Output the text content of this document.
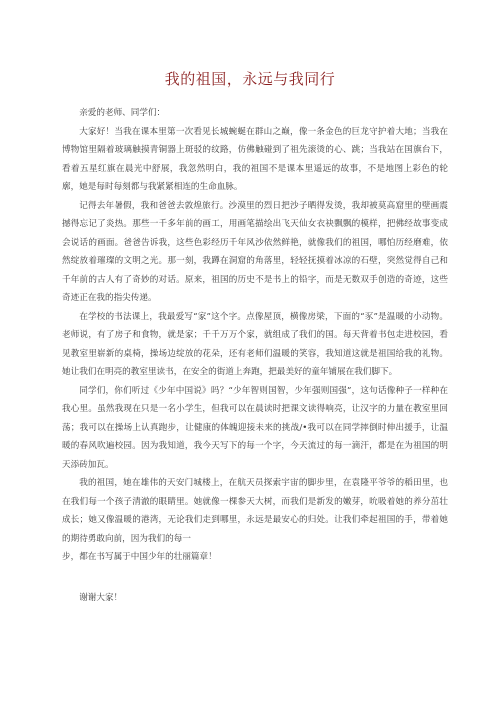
我的祖国，永远与我同行

亲爱的老师、同学们：

大家好！当我在课本里第一次看见长城蜿蜒在群山之巅，像一条金色的巨龙守护着大地；当我在博物馆里隔着玻璃触摸青铜器上斑驳的纹路，仿佛触碰到了祖先滚烫的心、跳；当我站在国旗台下，看着五星红旗在晨光中舒展，我忽然明白，我的祖国不是课本里遥远的故事，不是地图上彩色的轮廓，她是每时每刻都与我紧紧相连的生命血脉。

记得去年暑假，我和爸爸去敦煌旅行。沙漠里的烈日把沙子晒得发烫，我却被莫高窟里的壁画震撼得忘记了炎热。那些一千多年前的画工，用画笔描绘出飞天仙女衣袂飘飘的模样，把佛经故事变成会说话的画面。爸爸告诉我，这些色彩经历千年风沙依然鲜艳，就像我们的祖国，哪怕历经磨难，依然绽放着璀璨的文明之光。那一刻，我蹲在洞窟的角落里，轻轻抚摸着冰凉的石壁，突然觉得自己和千年前的古人有了奇妙的对话。原来，祖国的历史不是书上的铅字，而是无数双手创造的奇迹，这些奇迹正在我的指尖传递。

在学校的书法课上，我最爱写“家”这个字。点像屋顶，横像房梁，下面的“豕”是温暖的小动物。老师说，有了房子和食物，就是家；千千万万个家，就组成了我们的国。每天背着书包走进校园，看见教室里崭新的桌椅，操场边绽放的花朵，还有老师们温暖的笑容，我知道这就是祖国给我的礼物。她让我们在明亮的教室里读书，在安全的街道上奔跑，把最美好的童年铺展在我们脚下。

同学们，你们听过《少年中国说》吗？“少年智则国智，少年强则国强”，这句话像种子一样种在我心里。虽然我现在只是一名小学生，但我可以在晨读时把课文读得响亮，让汉字的力量在教室里回荡；我可以在操场上认真跑步，让健康的体魄迎接未来的挑战/•我可以在同学摔倒时伸出援手，让温暖的春风吹遍校园。因为我知道，我今天写下的每一个字，今天流过的每一滴汗，都是在为祖国的明天添砖加瓦。

我的祖国，她在雄伟的天安门城楼上，在航天员探索宇宙的脚步里，在袁隆平爷爷的稻田里，也在我们每一个孩子清澈的眼睛里。她就像一棵参天大树，而我们是新发的嫩芽，吮吸着她的养分茁壮成长；她又像温暖的港湾，无论我们走到哪里，永远是最安心的归处。让我们牵起祖国的手，带着她的期待勇敢向前，因为我们的每一

步，都在书写属于中国少年的壮丽篇章！

谢谢大家！
